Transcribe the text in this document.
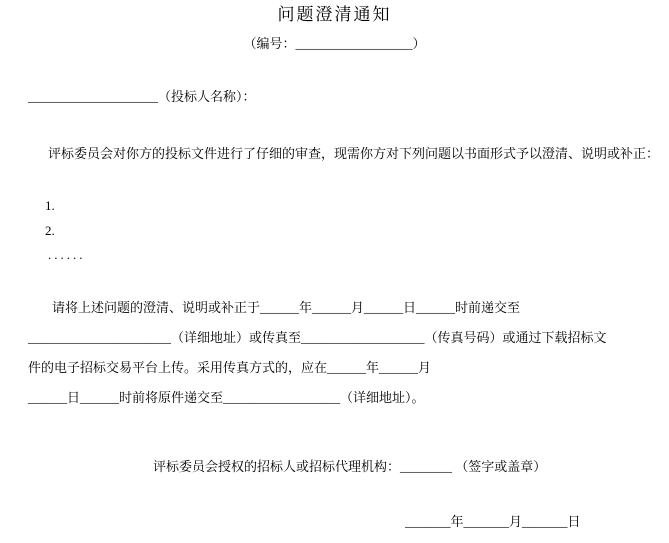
问题澄清通知
（编号：__________________）
____________________（投标人名称）：
评标委员会对你方的投标文件进行了仔细的审查，现需你方对下列问题以书面形式予以澄清、说明或补正：
1.
2.
......
请将上述问题的澄清、说明或补正于______年______月______日______时前递交至
______________________（详细地址）或传真至___________________（传真号码）或通过下载招标文
件的电子招标交易平台上传。采用传真方式的，应在______年______月
______日______时前将原件递交至__________________（详细地址）。
评标委员会授权的招标人或招标代理机构：________ （签字或盖章）
_______年_______月_______日
